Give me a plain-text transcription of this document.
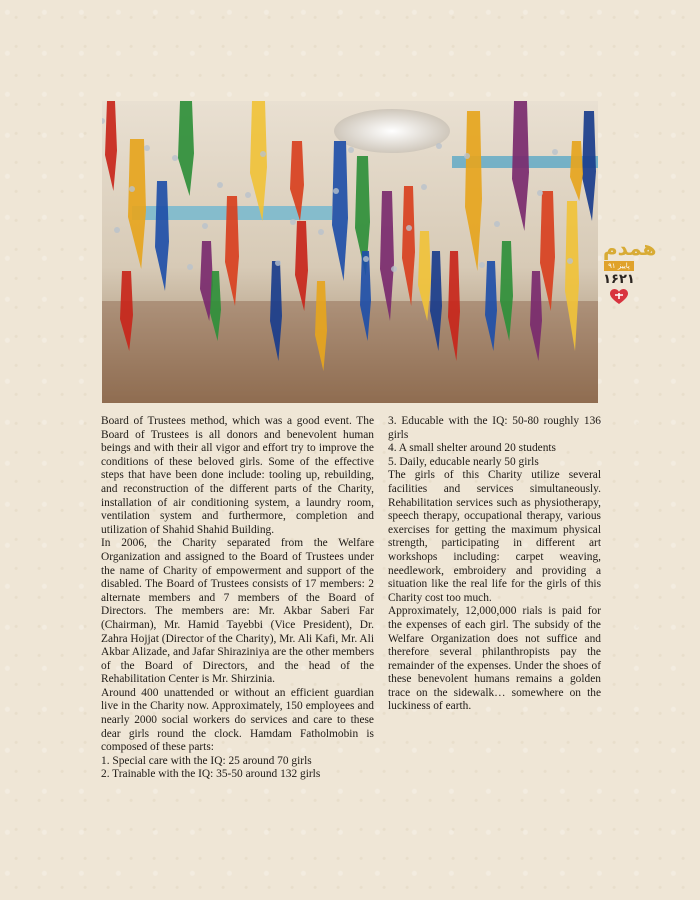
همدم
پاییز ۹۱
۱۶۲۱

Board of Trustees method, which was a good event. The Board of Trustees is all donors and benevolent human beings and with their all vigor and effort try to improve the conditions of these beloved girls. Some of the effective steps that have been done include: tooling up, rebuilding, and reconstruction of the different parts of the Charity, installation of air conditioning system, a laundry room, ventilation system and furthermore, completion and utilization of Shahid Shahid Building.

In 2006, the Charity separated from the Welfare Organization and assigned to the Board of Trustees under the name of Charity of empowerment and support of the disabled. The Board of Trustees consists of 17 members: 2 alternate members and 7 members of the Board of Directors. The members are: Mr. Akbar Saberi Far (Chairman), Mr. Hamid Tayebbi (Vice President), Dr. Zahra Hojjat (Director of the Charity), Mr. Ali Kafi, Mr. Ali Akbar Alizade, and Jafar Shiraziniya are the other members of the Board of Directors, and the head of the Rehabilitation Center is Mr. Shirzinia.

Around 400 unattended or without an efficient guardian live in the Charity now. Approximately, 150 employees and nearly 2000 social workers do services and care to these dear girls round the clock. Hamdam Fatholmobin is composed of these parts:

1. Special care with the IQ: 25 around 70 girls

2. Trainable with the IQ: 35-50 around 132 girls

3. Educable with the IQ: 50-80 roughly 136 girls

4. A small shelter around 20 students

5. Daily, educable nearly 50 girls

The girls of this Charity utilize several facilities and services simultaneously. Rehabilitation services such as physiotherapy, speech therapy, occupational therapy, various exercises for getting the maximum physical strength, participating in different art workshops including: carpet weaving, needlework, embroidery and providing a situation like the real life for the girls of this Charity cost too much.

Approximately, 12,000,000 rials is paid for the expenses of each girl. The subsidy of the Welfare Organization does not suffice and therefore several philanthropists pay the remainder of the expenses. Under the shoes of these benevolent humans remains a golden trace on the sidewalk… somewhere on the luckiness of earth.
